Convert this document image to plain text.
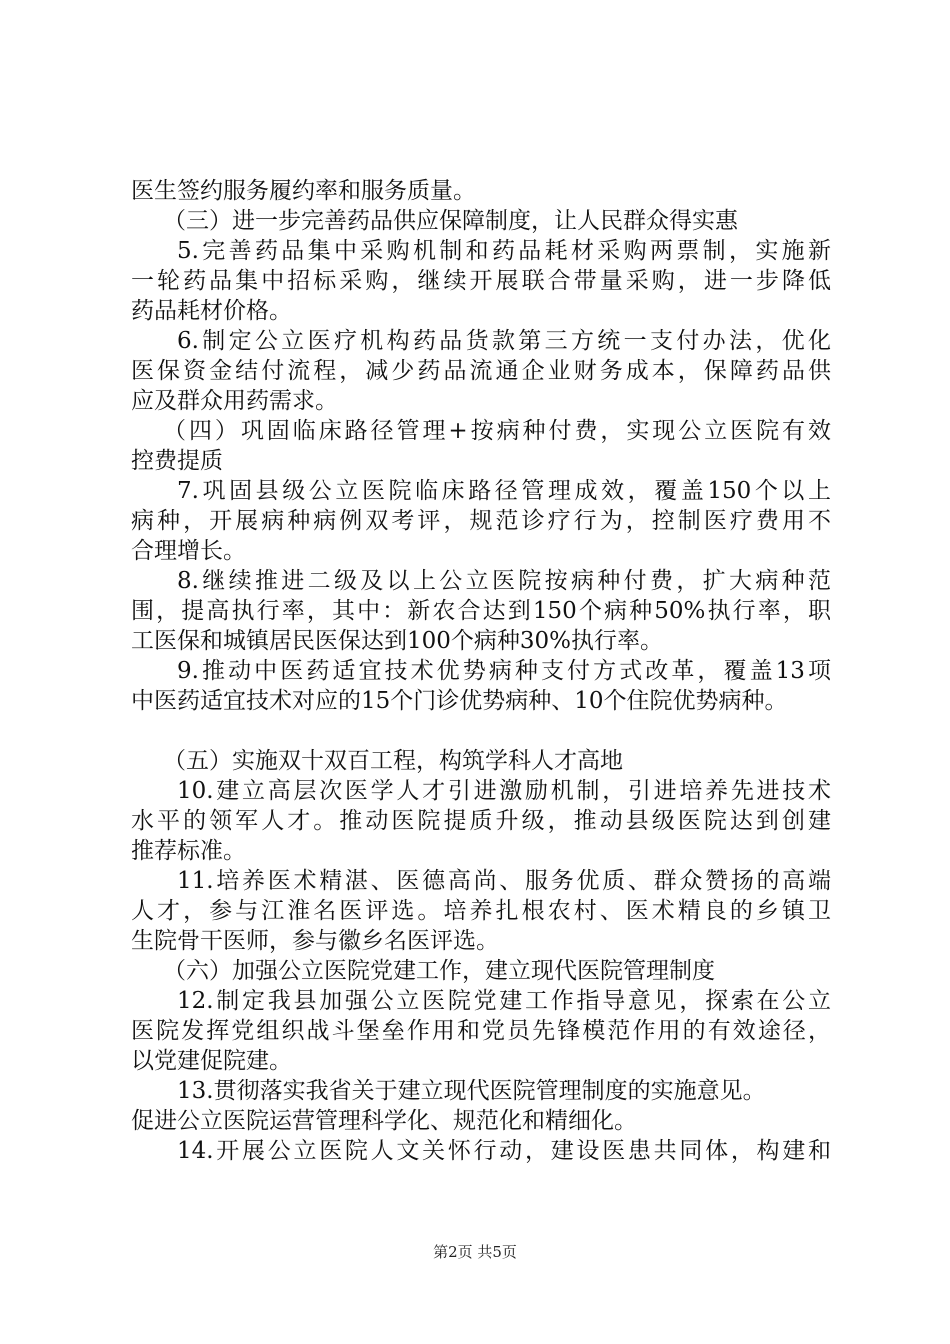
医生签约服务履约率和服务质量。
（三）进一步完善药品供应保障制度，让人民群众得实惠
5.完善药品集中采购机制和药品耗材采购两票制，实施新
一轮药品集中招标采购，继续开展联合带量采购，进一步降低
药品耗材价格。
6.制定公立医疗机构药品货款第三方统一支付办法，优化
医保资金结付流程，减少药品流通企业财务成本，保障药品供
应及群众用药需求。
（四）巩固临床路径管理+按病种付费，实现公立医院有效
控费提质
7.巩固县级公立医院临床路径管理成效，覆盖150个以上
病种，开展病种病例双考评，规范诊疗行为，控制医疗费用不
合理增长。
8.继续推进二级及以上公立医院按病种付费，扩大病种范
围，提高执行率，其中：新农合达到150个病种50%执行率，职
工医保和城镇居民医保达到100个病种30%执行率。
9.推动中医药适宜技术优势病种支付方式改革，覆盖13项
中医药适宜技术对应的15个门诊优势病种、10个住院优势病种。
（五）实施双十双百工程，构筑学科人才高地
10.建立高层次医学人才引进激励机制，引进培养先进技术
水平的领军人才。推动医院提质升级，推动县级医院达到创建
推荐标准。
11.培养医术精湛、医德高尚、服务优质、群众赞扬的高端
人才，参与江淮名医评选。培养扎根农村、医术精良的乡镇卫
生院骨干医师，参与徽乡名医评选。
（六）加强公立医院党建工作，建立现代医院管理制度
12.制定我县加强公立医院党建工作指导意见，探索在公立
医院发挥党组织战斗堡垒作用和党员先锋模范作用的有效途径，
以党建促院建。
13.贯彻落实我省关于建立现代医院管理制度的实施意见。
促进公立医院运营管理科学化、规范化和精细化。
14.开展公立医院人文关怀行动，建设医患共同体，构建和
第2页 共5页
